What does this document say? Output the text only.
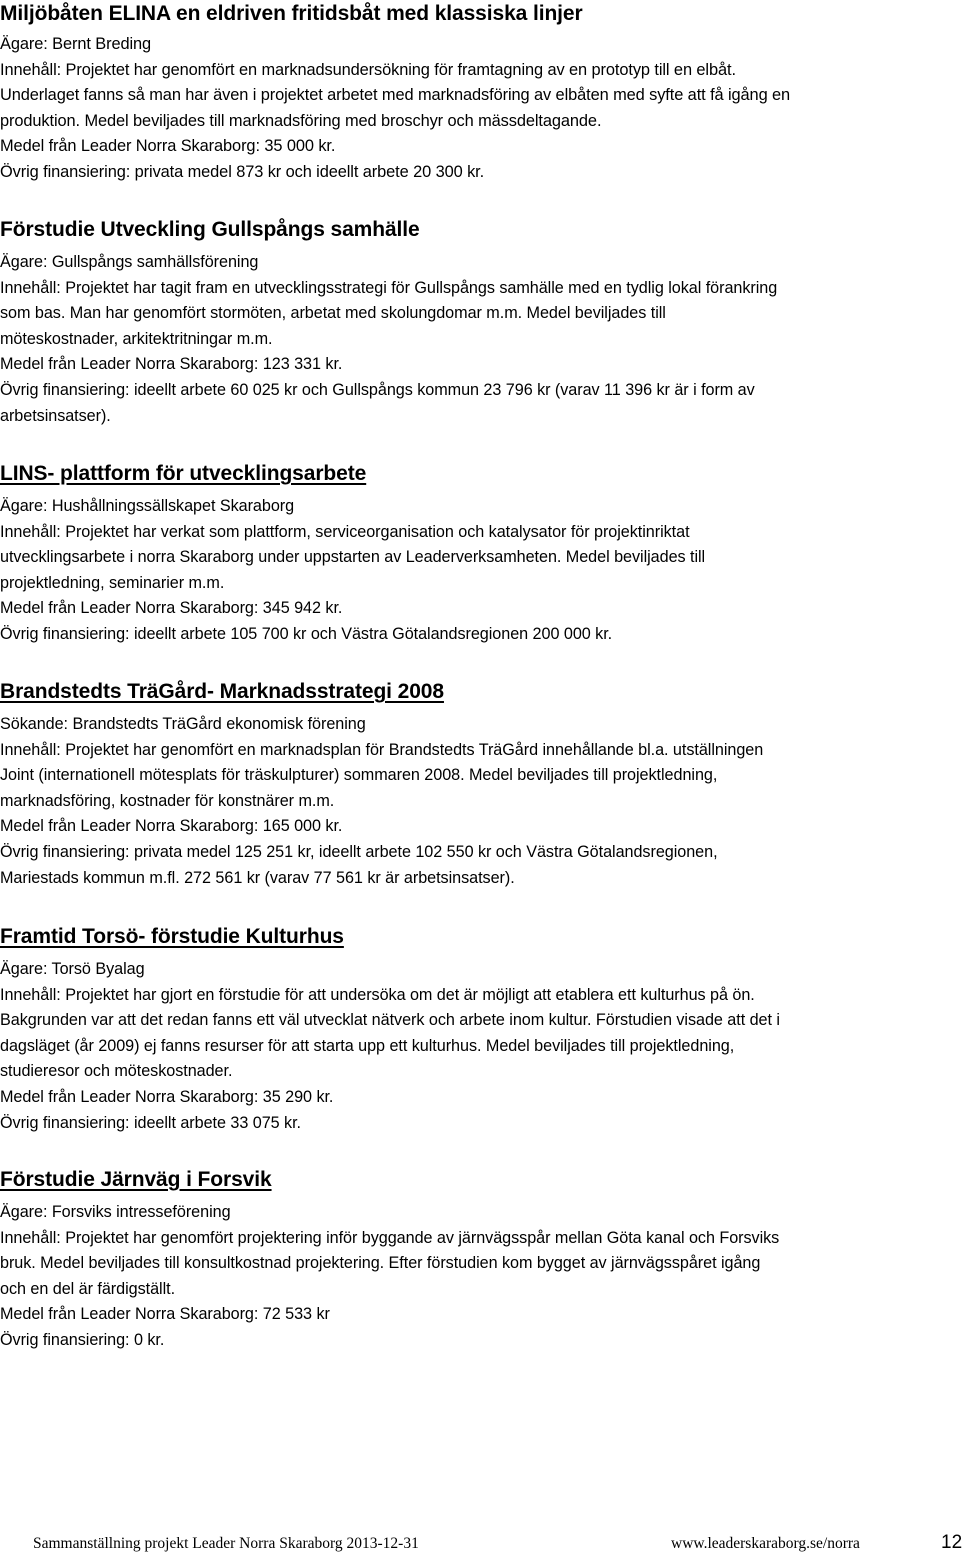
Miljöbåten ELINA en eldriven fritidsbåt med klassiska linjer

Ägare: Bernt Breding

Innehåll: Projektet har genomfört en marknadsundersökning för framtagning av en prototyp till en elbåt.

Underlaget fanns så man har även i projektet arbetet med marknadsföring av elbåten med syfte att få igång en

produktion. Medel beviljades till marknadsföring med broschyr och mässdeltagande.

Medel från Leader Norra Skaraborg: 35 000 kr.

Övrig finansiering: privata medel 873 kr och ideellt arbete 20 300 kr.

Förstudie Utveckling Gullspångs samhälle

Ägare: Gullspångs samhällsförening

Innehåll: Projektet har tagit fram en utvecklingsstrategi för Gullspångs samhälle med en tydlig lokal förankring

som bas. Man har genomfört stormöten, arbetat med skolungdomar m.m. Medel beviljades till

möteskostnader, arkitektritningar m.m.

Medel från Leader Norra Skaraborg: 123 331 kr.

Övrig finansiering: ideellt arbete 60 025 kr och Gullspångs kommun 23 796 kr (varav 11 396 kr är i form av

arbetsinsatser).

LINS- plattform för utvecklingsarbete

Ägare: Hushållningssällskapet Skaraborg

Innehåll: Projektet har verkat som plattform, serviceorganisation och katalysator för projektinriktat

utvecklingsarbete i norra Skaraborg under uppstarten av Leaderverksamheten. Medel beviljades till

projektledning, seminarier m.m.

Medel från Leader Norra Skaraborg: 345 942 kr.

Övrig finansiering: ideellt arbete 105 700 kr och Västra Götalandsregionen 200 000 kr.

Brandstedts TräGård- Marknadsstrategi 2008

Sökande: Brandstedts TräGård ekonomisk förening

Innehåll: Projektet har genomfört en marknadsplan för Brandstedts TräGård innehållande bl.a. utställningen

Joint (internationell mötesplats för träskulpturer) sommaren 2008. Medel beviljades till projektledning,

marknadsföring, kostnader för konstnärer m.m.

Medel från Leader Norra Skaraborg: 165 000 kr.

Övrig finansiering: privata medel 125 251 kr, ideellt arbete 102 550 kr och Västra Götalandsregionen,

Mariestads kommun m.fl. 272 561 kr (varav 77 561 kr är arbetsinsatser).

Framtid Torsö- förstudie Kulturhus

Ägare: Torsö Byalag

Innehåll: Projektet har gjort en förstudie för att undersöka om det är möjligt att etablera ett kulturhus på ön.

Bakgrunden var att det redan fanns ett väl utvecklat nätverk och arbete inom kultur. Förstudien visade att det i

dagsläget (år 2009) ej fanns resurser för att starta upp ett kulturhus. Medel beviljades till projektledning,

studieresor och möteskostnader.

Medel från Leader Norra Skaraborg: 35 290 kr.

Övrig finansiering: ideellt arbete 33 075 kr.

Förstudie Järnväg i Forsvik

Ägare: Forsviks intresseförening

Innehåll: Projektet har genomfört projektering inför byggande av järnvägsspår mellan Göta kanal och Forsviks

bruk. Medel beviljades till konsultkostnad projektering. Efter förstudien kom bygget av järnvägsspåret igång

och en del är färdigställt.

Medel från Leader Norra Skaraborg: 72 533 kr

Övrig finansiering: 0 kr.

Sammanställning projekt Leader Norra Skaraborg 2013-12-31	www.leaderskaraborg.se/norra	12
